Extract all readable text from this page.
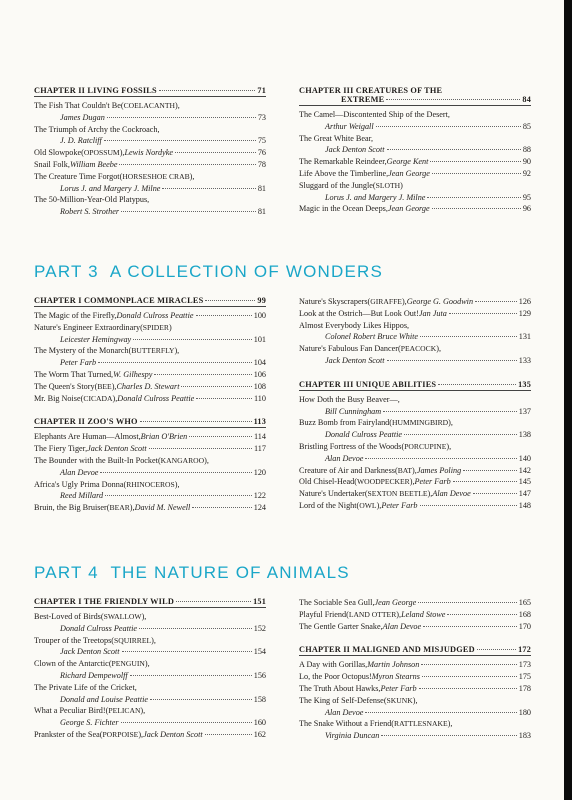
CHAPTER II LIVING FOSSILS	71
The Fish That Couldn't Be ( COELACANTH ),
James Dugan	73
The Triumph of Archy the Cockroach,
J. D. Ratcliff	75
Old Slowpoke ( OPOSSUM ), Lewis Nordyke	76
Snail Folk, William Beebe	78
The Creature Time Forgot ( HORSESHOE CRAB ),
Lorus J. and Margery J. Milne	81
The 50-Million-Year-Old Platypus,
Robert S. Strother	81
CHAPTER III CREATURES OF THE
EXTREME	84
The Camel—Discontented Ship of the Desert,
Arthur Weigall	85
The Great White Bear,
Jack Denton Scott	88
The Remarkable Reindeer, George Kent	90
Life Above the Timberline, Jean George	92
Sluggard of the Jungle ( SLOTH )
Lorus J. and Margery J. Milne	95
Magic in the Ocean Deeps, Jean George	96
PART 3 A COLLECTION OF WONDERS
CHAPTER I COMMONPLACE MIRACLES	99
The Magic of the Firefly, Donald Culross Peattie	100
Nature's Engineer Extraordinary ( SPIDER )
Leicester Hemingway	101
The Mystery of the Monarch ( BUTTERFLY ),
Peter Farb	104
The Worm That Turned, W. Gilhespy	106
The Queen's Story ( BEE ), Charles D. Stewart	108
Mr. Big Noise ( CICADA ), Donald Culross Peattie	110
CHAPTER II ZOO'S WHO	113
Elephants Are Human—Almost, Brian O'Brien	114
The Fiery Tiger, Jack Denton Scott	117
The Bounder with the Built-In Pocket ( KANGAROO ),
Alan Devoe	120
Africa's Ugly Prima Donna ( RHINOCEROS ),
Reed Millard	122
Bruin, the Big Bruiser ( BEAR ), David M. Newell	124
Nature's Skyscrapers ( GIRAFFE ), George G. Goodwin	126
Look at the Ostrich—But Look Out! Jan Juta	129
Almost Everybody Likes Hippos,
Colonel Robert Bruce White	131
Nature's Fabulous Fan Dancer ( PEACOCK ),
Jack Denton Scott	133
CHAPTER III UNIQUE ABILITIES	135
How Doth the Busy Beaver—,
Bill Cunningham	137
Buzz Bomb from Fairyland ( HUMMINGBIRD ),
Donald Culross Peattie	138
Bristling Fortress of the Woods ( PORCUPINE ),
Alan Devoe	140
Creature of Air and Darkness ( BAT ), James Poling	142
Old Chisel-Head ( WOODPECKER ), Peter Farb	145
Nature's Undertaker ( SEXTON BEETLE ), Alan Devoe	147
Lord of the Night ( OWL ), Peter Farb	148
PART 4 THE NATURE OF ANIMALS
CHAPTER I THE FRIENDLY WILD	151
Best-Loved of Birds ( SWALLOW ),
Donald Culross Peattie	152
Trouper of the Treetops ( SQUIRREL ),
Jack Denton Scott	154
Clown of the Antarctic ( PENGUIN ),
Richard Dempewolff	156
The Private Life of the Cricket,
Donald and Louise Peattie	158
What a Peculiar Bird! ( PELICAN ),
George S. Fichter	160
Prankster of the Sea ( PORPOISE ), Jack Denton Scott	162
The Sociable Sea Gull, Jean George	165
Playful Friend ( LAND OTTER ), Leland Stowe	168
The Gentle Garter Snake, Alan Devoe	170
CHAPTER II MALIGNED AND MISJUDGED	172
A Day with Gorillas, Martin Johnson	173
Lo, the Poor Octopus! Myron Stearns	175
The Truth About Hawks, Peter Farb	178
The King of Self-Defense ( SKUNK ),
Alan Devoe	180
The Snake Without a Friend ( RATTLESNAKE ),
Virginia Duncan	183
